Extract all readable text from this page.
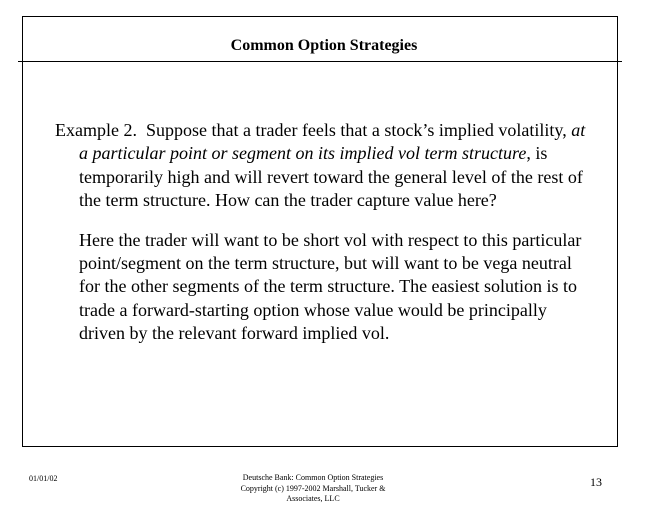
Common Option Strategies

Example 2.  Suppose that a trader feels that a stock’s implied volatility, at a particular point or segment on its implied vol term structure, is temporarily high and will revert toward the general level of the rest of the term structure. How can the trader capture value here?

Here the trader will want to be short vol with respect to this particular point/segment on the term structure, but will want to be vega neutral for the other segments of the term structure. The easiest solution is to trade a forward-starting option whose value would be principally driven by the relevant forward implied vol.

01/01/02	Deutsche Bank: Common Option Strategies
Copyright (c) 1997-2002 Marshall, Tucker &
Associates, LLC
13
